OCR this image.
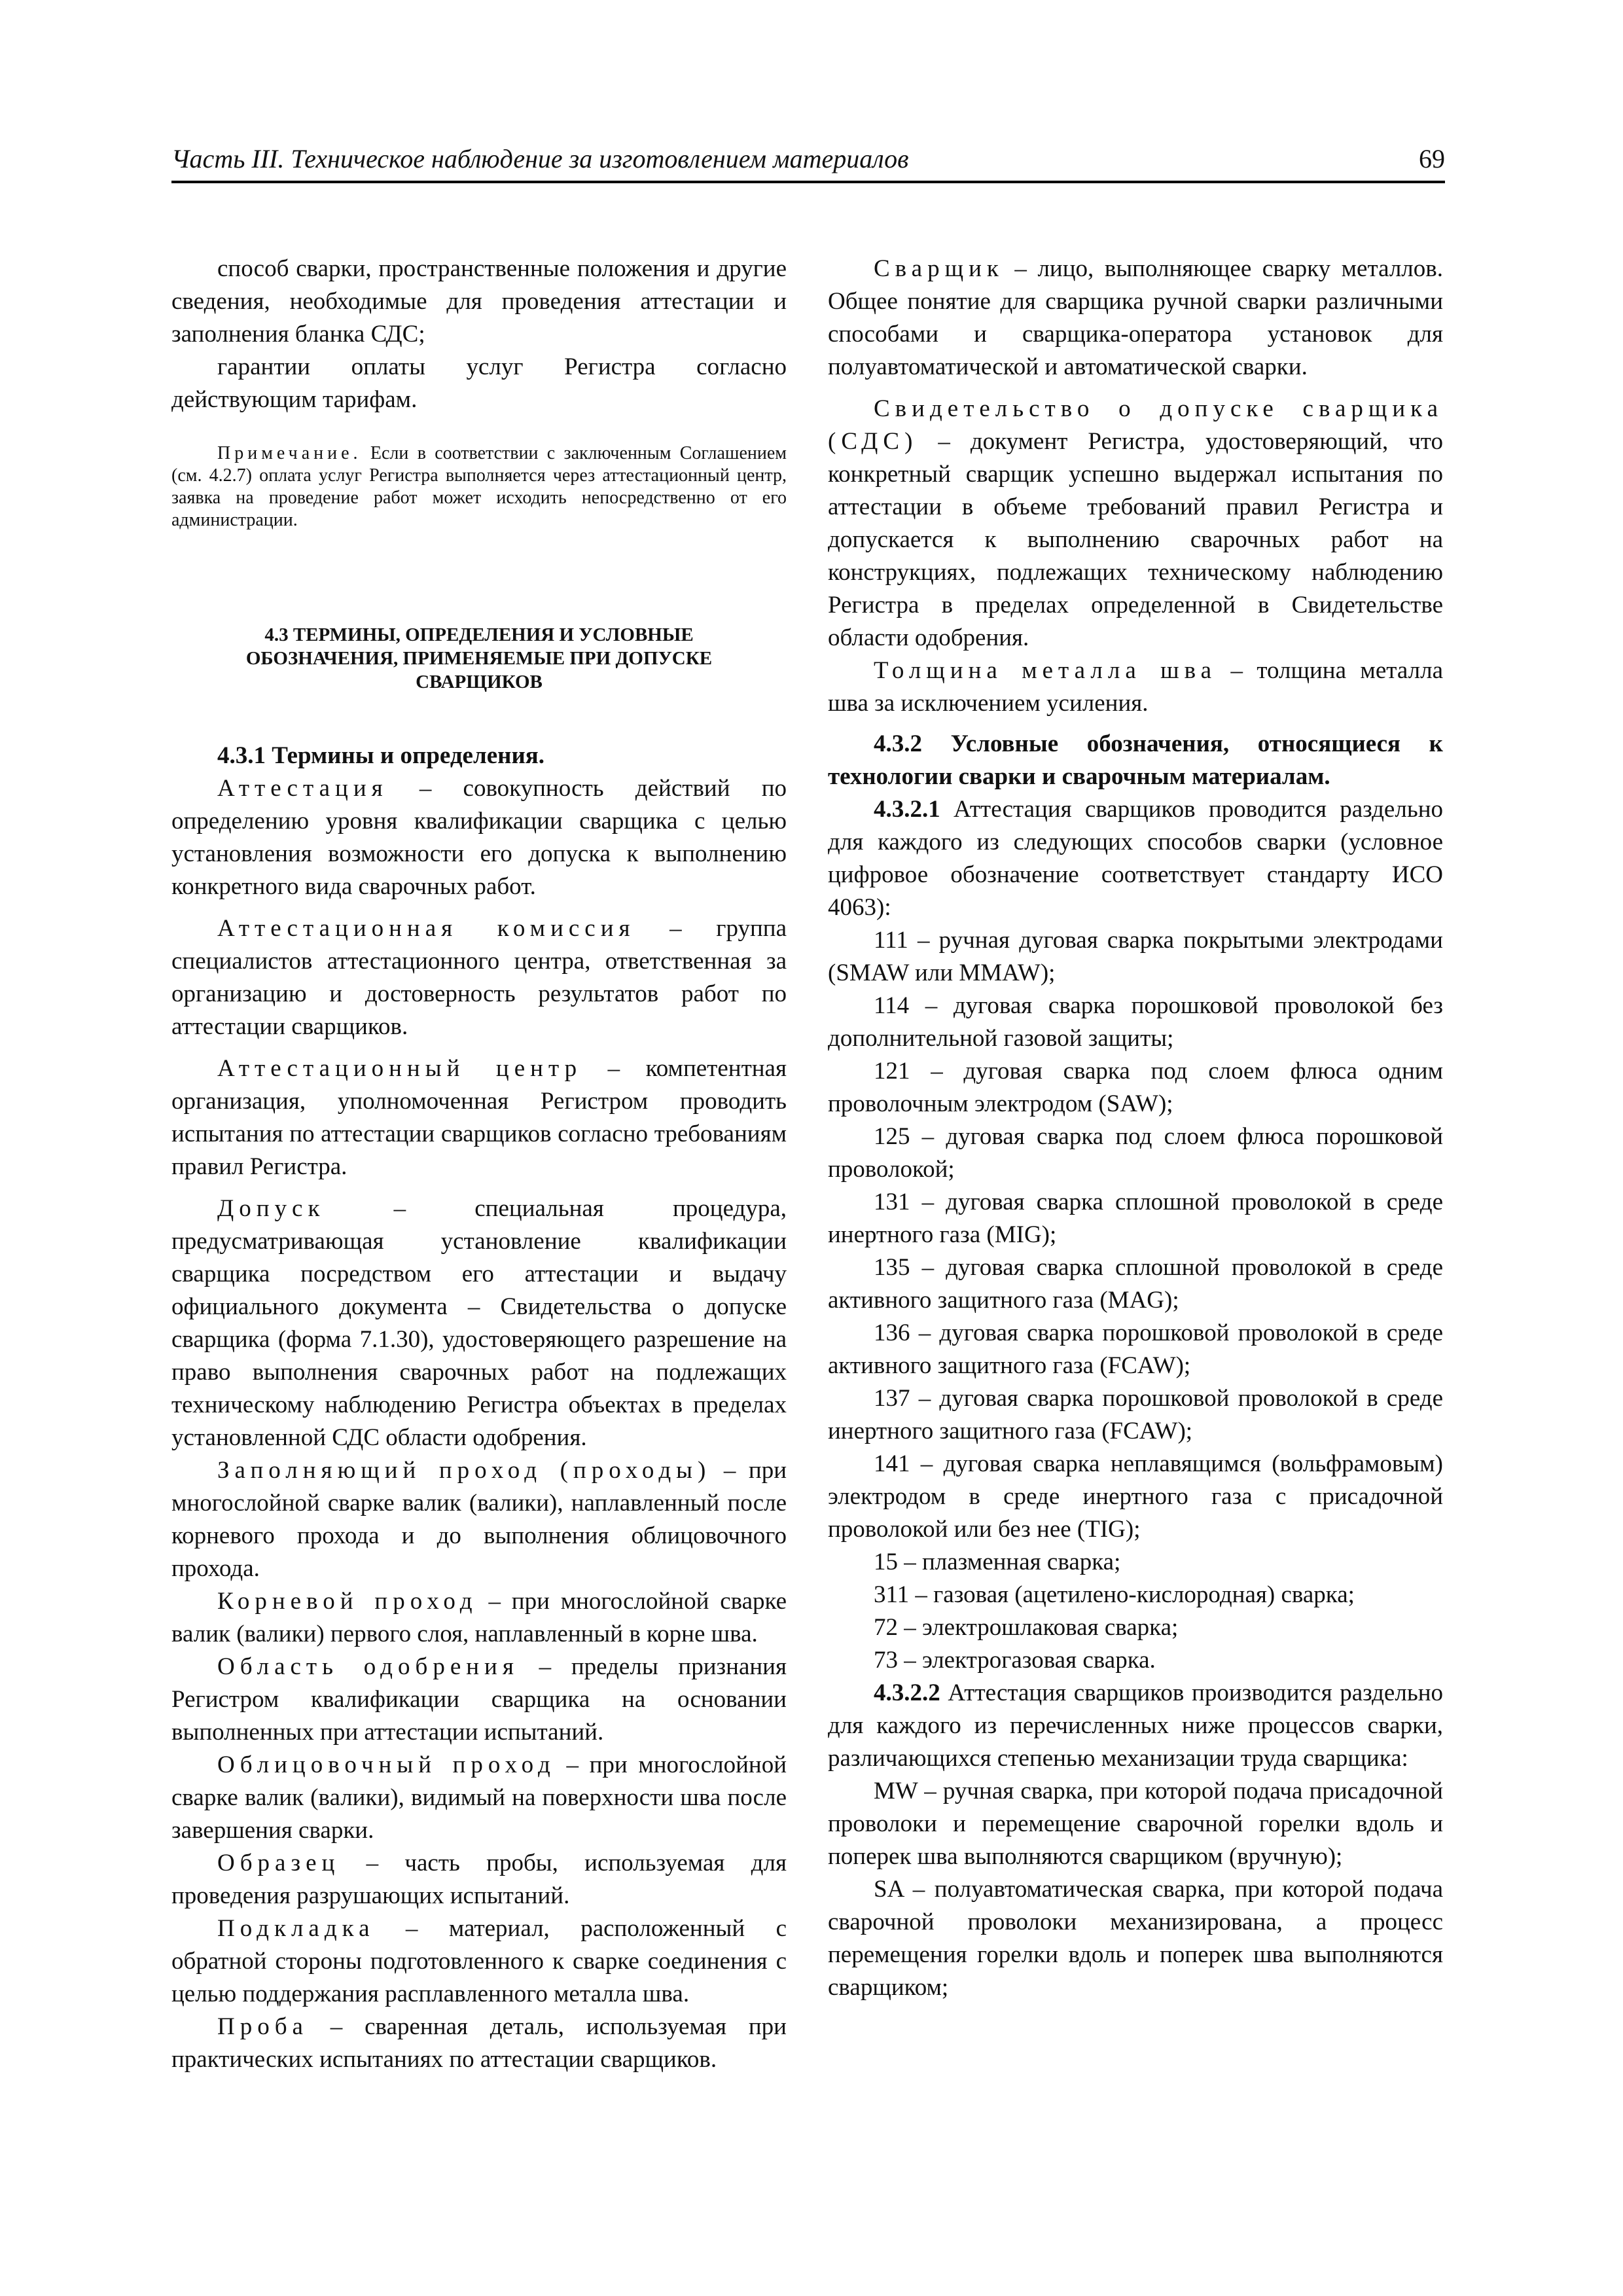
Часть III. Техническое наблюдение за изготовлением материалов	69

способ сварки, пространственные положения и другие сведения, необходимые для проведения аттестации и заполнения бланка СДС;

гарантии оплаты услуг Регистра согласно действующим тарифам.

Примечание. Если в соответствии с заключенным Соглашением (см. 4.2.7) оплата услуг Регистра выполняется через аттестационный центр, заявка на проведение работ может исходить непосредственно от его администрации.
4.3 ТЕРМИНЫ, ОПРЕДЕЛЕНИЯ И УСЛОВНЫЕ ОБОЗНАЧЕНИЯ, ПРИМЕНЯЕМЫЕ ПРИ ДОПУСКЕ СВАРЩИКОВ
4.3.1 Термины и определения.

Аттестация – совокупность действий по определению уровня квалификации сварщика с целью установления возможности его допуска к выполнению конкретного вида сварочных работ.

Аттестационная комиссия – группа специалистов аттестационного центра, ответственная за организацию и достоверность результатов работ по аттестации сварщиков.

Аттестационный центр – компетентная организация, уполномоченная Регистром проводить испытания по аттестации сварщиков согласно требованиям правил Регистра.

Допуск – специальная процедура, предусматривающая установление квалификации сварщика посредством его аттестации и выдачу официального документа – Свидетельства о допуске сварщика (форма 7.1.30), удостоверяющего разрешение на право выполнения сварочных работ на подлежащих техническому наблюдению Регистра объектах в пределах установленной СДС области одобрения.

Заполняющий проход (проходы) – при многослойной сварке валик (валики), наплавленный после корневого прохода и до выполнения облицовочного прохода.

Корневой проход – при многослойной сварке валик (валики) первого слоя, наплавленный в корне шва.

Область одобрения – пределы признания Регистром квалификации сварщика на основании выполненных при аттестации испытаний.

Облицовочный проход – при многослойной сварке валик (валики), видимый на поверхности шва после завершения сварки.

Образец – часть пробы, используемая для проведения разрушающих испытаний.

Подкладка – материал, расположенный с обратной стороны подготовленного к сварке соединения с целью поддержания расплавленного металла шва.

Проба – сваренная деталь, используемая при практических испытаниях по аттестации сварщиков.

Сварщик – лицо, выполняющее сварку металлов. Общее понятие для сварщика ручной сварки различными способами и сварщика-оператора установок для полуавтоматической и автоматической сварки.

Свидетельство о допуске сварщика (СДС) – документ Регистра, удостоверяющий, что конкретный сварщик успешно выдержал испытания по аттестации в объеме требований правил Регистра и допускается к выполнению сварочных работ на конструкциях, подлежащих техническому наблюдению Регистра в пределах определенной в Свидетельстве области одобрения.

Толщина металла шва – толщина металла шва за исключением усиления.

4.3.2 Условные обозначения, относящиеся к технологии сварки и сварочным материалам.

4.3.2.1 Аттестация сварщиков проводится раздельно для каждого из следующих способов сварки (условное цифровое обозначение соответствует стандарту ИСО 4063):

111 – ручная дуговая сварка покрытыми электродами (SMAW или MMAW);

114 – дуговая сварка порошковой проволокой без дополнительной газовой защиты;

121 – дуговая сварка под слоем флюса одним проволочным электродом (SAW);

125 – дуговая сварка под слоем флюса порошковой проволокой;

131 – дуговая сварка сплошной проволокой в среде инертного газа (MIG);

135 – дуговая сварка сплошной проволокой в среде активного защитного газа (MAG);

136 – дуговая сварка порошковой проволокой в среде активного защитного газа (FCAW);

137 – дуговая сварка порошковой проволокой в среде инертного защитного газа (FCAW);

141 – дуговая сварка неплавящимся (вольфрамовым) электродом в среде инертного газа с присадочной проволокой или без нее (TIG);

15 – плазменная сварка;

311 – газовая (ацетилено-кислородная) сварка;

72 – электрошлаковая сварка;

73 – электрогазовая сварка.

4.3.2.2 Аттестация сварщиков производится раздельно для каждого из перечисленных ниже процессов сварки, различающихся степенью механизации труда сварщика:

MW – ручная сварка, при которой подача присадочной проволоки и перемещение сварочной горелки вдоль и поперек шва выполняются сварщиком (вручную);

SA – полуавтоматическая сварка, при которой подача сварочной проволоки механизирована, а процесс перемещения горелки вдоль и поперек шва выполняются сварщиком;
